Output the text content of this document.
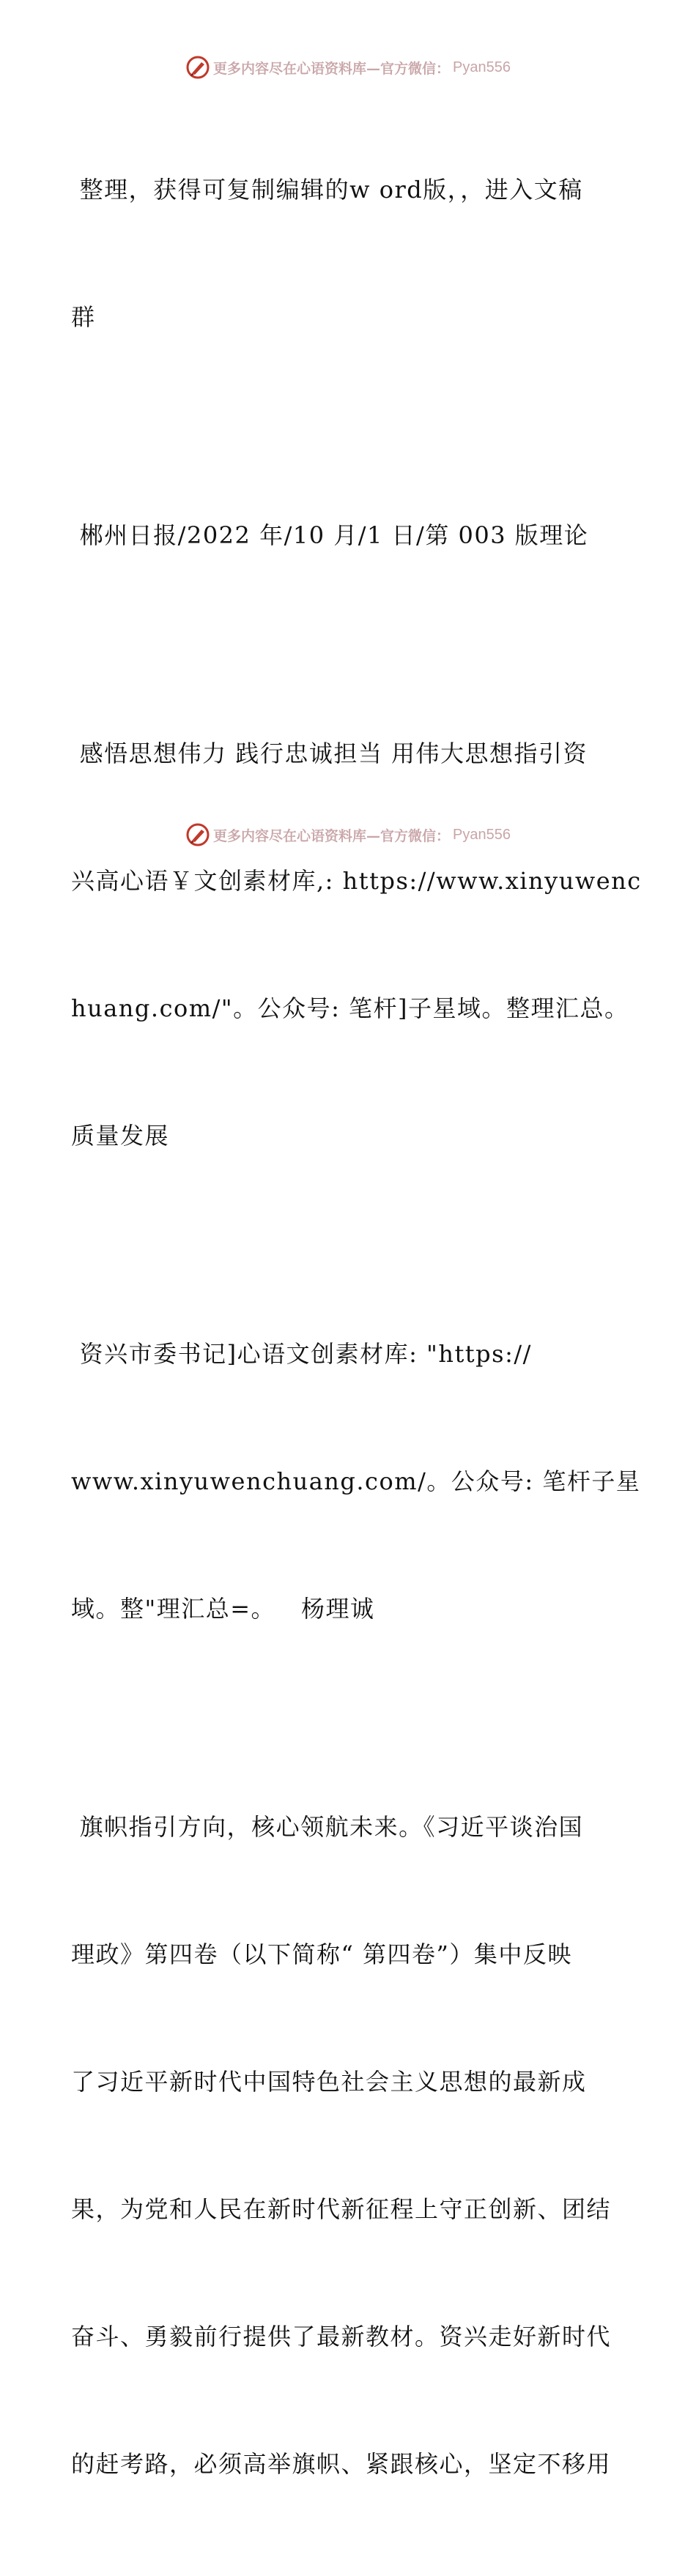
更多内容尽在心语资料库—官方微信： Pyan556

整理，获得可复制编辑的w ord版，，进入文稿

群

郴州日报/2022 年/10 月/1 日/第 003 版理论

感悟思想伟力 践行忠诚担当 用伟大思想指引资

兴高心语￥文创素材库,: https://www.xinyuwenc

huang.com/"。公众号: 笔杆]子星域。整理汇总。

质量发展

资兴市委书记]心语文创素材库: "https://

www.xinyuwenchuang.com/。公众号: 笔杆子星

域。整"理汇总=。   杨理诚

旗帜指引方向，核心领航未来。《习近平谈治国

理政》第四卷（以下简称“ 第四卷”）集中反映

了习近平新时代中国特色社会主义思想的最新成

果，为党和人民在新时代新征程上守正创新、团结

奋斗、勇毅前行提供了最新教材。资兴走好新时代

的赶考路，必须高举旗帜、紧跟核心，坚定不移用

更多内容尽在心语资料库—官方微信： Pyan556
